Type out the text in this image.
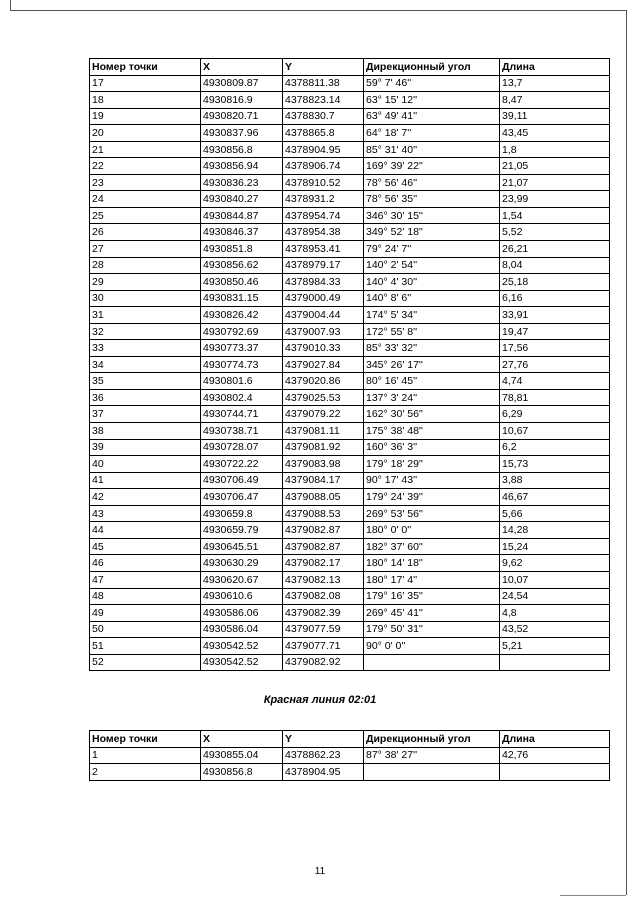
Номер точки	X	Y	Дирекционный угол	Длина
17	4930809.87	4378811.38	59° 7' 46''	13,7
18	4930816.9	4378823.14	63° 15' 12''	8,47
19	4930820.71	4378830.7	63° 49' 41''	39,11
20	4930837.96	4378865.8	64° 18' 7''	43,45
21	4930856.8	4378904.95	85° 31' 40''	1,8
22	4930856.94	4378906.74	169° 39' 22''	21,05
23	4930836.23	4378910.52	78° 56' 46''	21,07
24	4930840.27	4378931.2	78° 56' 35''	23,99
25	4930844.87	4378954.74	346° 30' 15''	1,54
26	4930846.37	4378954.38	349° 52' 18''	5,52
27	4930851.8	4378953.41	79° 24' 7''	26,21
28	4930856.62	4378979.17	140° 2' 54''	8,04
29	4930850.46	4378984.33	140° 4' 30''	25,18
30	4930831.15	4379000.49	140° 8' 6''	6,16
31	4930826.42	4379004.44	174° 5' 34''	33,91
32	4930792.69	4379007.93	172° 55' 8''	19,47
33	4930773.37	4379010.33	85° 33' 32''	17,56
34	4930774.73	4379027.84	345° 26' 17''	27,76
35	4930801.6	4379020.86	80° 16' 45''	4,74
36	4930802.4	4379025.53	137° 3' 24''	78,81
37	4930744.71	4379079.22	162° 30' 56''	6,29
38	4930738.71	4379081.11	175° 38' 48''	10,67
39	4930728.07	4379081.92	160° 36' 3''	6,2
40	4930722.22	4379083.98	179° 18' 29''	15,73
41	4930706.49	4379084.17	90° 17' 43''	3,88
42	4930706.47	4379088.05	179° 24' 39''	46,67
43	4930659.8	4379088.53	269° 53' 56''	5,66
44	4930659.79	4379082.87	180° 0' 0''	14,28
45	4930645.51	4379082.87	182° 37' 60''	15,24
46	4930630.29	4379082.17	180° 14' 18''	9,62
47	4930620.67	4379082.13	180° 17' 4''	10,07
48	4930610.6	4379082.08	179° 16' 35''	24,54
49	4930586.06	4379082.39	269° 45' 41''	4,8
50	4930586.04	4379077.59	179° 50' 31''	43,52
51	4930542.52	4379077.71	90° 0' 0''	5,21
52	4930542.52	4379082.92		
Красная линия 02:01
Номер точки	X	Y	Дирекционный угол	Длина
1	4930855.04	4378862.23	87° 38' 27''	42,76
2	4930856.8	4378904.95		
11
